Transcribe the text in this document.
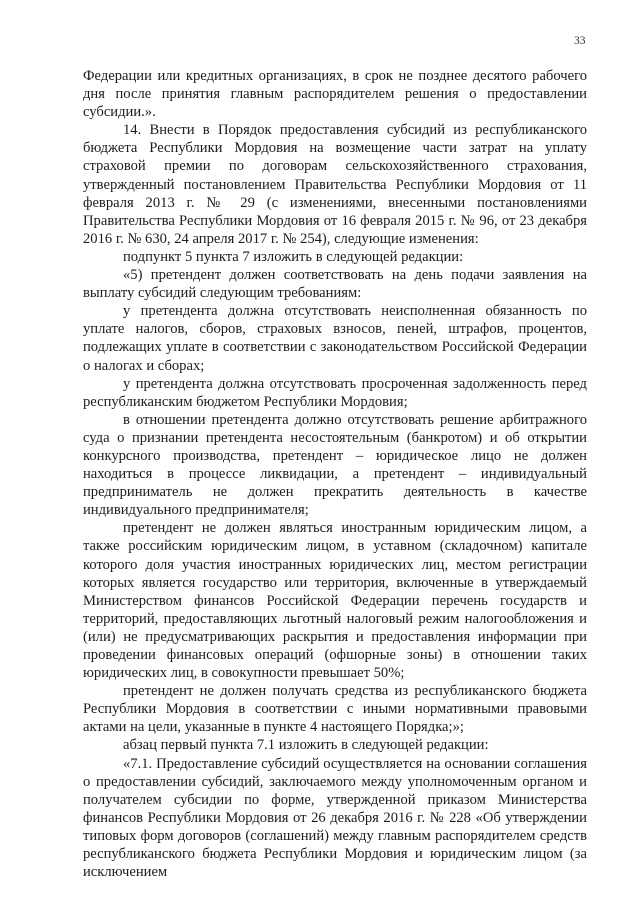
33

Федерации или кредитных организациях, в срок не позднее десятого рабочего дня после принятия главным распорядителем решения о предоставлении субсидии.».

14. Внести в Порядок предоставления субсидий из республиканского бюджета Республики Мордовия на возмещение части затрат на уплату страховой премии по договорам сельскохозяйственного страхования, утвержденный постановлением Правительства Республики Мордовия от 11 февраля 2013 г. № 29 (с изменениями, внесенными постановлениями Правительства Республики Мордовия от 16 февраля 2015 г. № 96, от 23 декабря 2016 г. № 630, 24 апреля 2017 г. № 254), следующие изменения:

подпункт 5 пункта 7 изложить в следующей редакции:

«5) претендент должен соответствовать на день подачи заявления на выплату субсидий следующим требованиям:

у претендента должна отсутствовать неисполненная обязанность по уплате налогов, сборов, страховых взносов, пеней, штрафов, процентов, подлежащих уплате в соответствии с законодательством Российской Федерации о налогах и сборах;

у претендента должна отсутствовать просроченная задолженность перед республиканским бюджетом Республики Мордовия;

в отношении претендента должно отсутствовать решение арбитражного суда о признании претендента несостоятельным (банкротом) и об открытии конкурсного производства, претендент – юридическое лицо не должен находиться в процессе ликвидации, а претендент – индивидуальный предприниматель не должен прекратить деятельность в качестве индивидуального предпринимателя;

претендент не должен являться иностранным юридическим лицом, а также российским юридическим лицом, в уставном (складочном) капитале которого доля участия иностранных юридических лиц, местом регистрации которых является государство или территория, включенные в утверждаемый Министерством финансов Российской Федерации перечень государств и территорий, предоставляющих льготный налоговый режим налогообложения и (или) не предусматривающих раскрытия и предоставления информации при проведении финансовых операций (офшорные зоны) в отношении таких юридических лиц, в совокупности превышает 50%;

претендент не должен получать средства из республиканского бюджета Республики Мордовия в соответствии с иными нормативными правовыми актами на цели, указанные в пункте 4 настоящего Порядка;»;

абзац первый пункта 7.1 изложить в следующей редакции:

«7.1. Предоставление субсидий осуществляется на основании соглашения о предоставлении субсидий, заключаемого между уполномоченным органом и получателем субсидии по форме, утвержденной приказом Министерства финансов Республики Мордовия от 26 декабря 2016 г. № 228 «Об утверждении типовых форм договоров (соглашений) между главным распорядителем средств республиканского бюджета Республики Мордовия и юридическим лицом (за исключением
